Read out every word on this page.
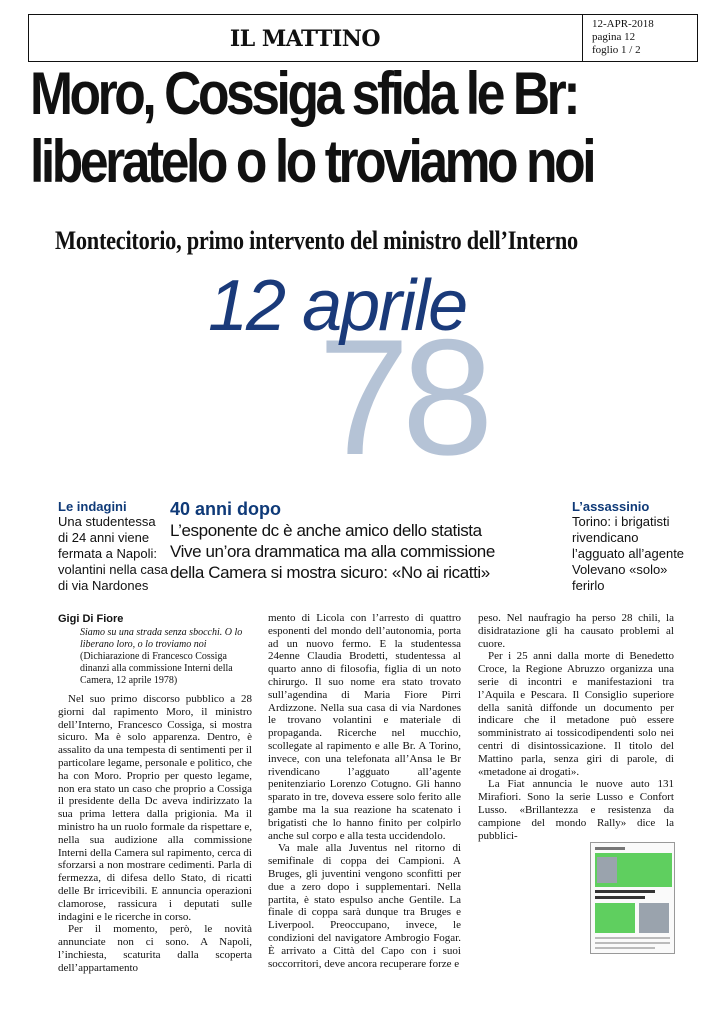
IL MATTINO
12-APR-2018
pagina 12
foglio 1 / 2
Moro, Cossiga sfida le Br:
liberatelo o lo troviamo noi
Montecitorio, primo intervento del ministro dell’Interno
12 aprile
78
Le indagini
Una studentessa di 24 anni viene fermata a Napoli: volantini nella casa di via Nardones
40 anni dopo
L’esponente dc è anche amico dello statista
Vive un’ora drammatica ma alla commissione
della Camera si mostra sicuro: «No ai ricatti»
L’assassinio
Torino: i brigatisti rivendicano l’agguato all’agente Volevano «solo» ferirlo
Gigi Di Fiore
Siamo su una strada senza sbocchi. O lo liberano loro, o lo troviamo noi
(Dichiarazione di Francesco Cossiga dinanzi alla commissione Interni della Camera, 12 aprile 1978)

Nel suo primo discorso pubblico a 28 giorni dal rapimento Moro, il ministro dell’Interno, Francesco Cossiga, si mostra sicuro. Ma è solo apparenza. Dentro, è assalito da una tempesta di sentimenti per il particolare legame, personale e politico, che ha con Moro. Proprio per questo legame, non era stato un caso che proprio a Cossiga il presidente della Dc aveva indirizzato la sua prima lettera dalla prigionia. Ma il ministro ha un ruolo formale da rispettare e, nella sua audizione alla commissione Interni della Camera sul rapimento, cerca di sforzarsi a non mostrare cedimenti. Parla di fermezza, di difesa dello Stato, di ricatti delle Br irricevibili. E annuncia operazioni clamorose, rassicura i deputati sulle indagini e le ricerche in corso.

Per il momento, però, le novità annunciate non ci sono. A Napoli, l’inchiesta, scaturita dalla scoperta dell’appartamento

mento di Licola con l’arresto di quattro esponenti del mondo dell’autonomia, porta ad un nuovo fermo. E la studentessa 24enne Claudia Brodetti, studentessa al quarto anno di filosofia, figlia di un noto chirurgo. Il suo nome era stato trovato sull’agendina di Maria Fiore Pirri Ardizzone. Nella sua casa di via Nardones le trovano volantini e materiale di propaganda. Ricerche nel mucchio, scollegate al rapimento e alle Br. A Torino, invece, con una telefonata all’Ansa le Br rivendicano l’agguato all’agente penitenziario Lorenzo Cotugno. Gli hanno sparato in tre, doveva essere solo ferito alle gambe ma la sua reazione ha scatenato i brigatisti che lo hanno finito per colpirlo anche sul corpo e alla testa uccidendolo.

Va male alla Juventus nel ritorno di semifinale di coppa dei Campioni. A Bruges, gli juventini vengono sconfitti per due a zero dopo i supplementari. Nella partita, è stato espulso anche Gentile. La finale di coppa sarà dunque tra Bruges e Liverpool. Preoccupano, invece, le condizioni del navigatore Ambrogio Fogar. È arrivato a Città del Capo con i suoi soccorritori, deve ancora recuperare forze e

peso. Nel naufragio ha perso 28 chili, la disidratazione gli ha causato problemi al cuore.

Per i 25 anni dalla morte di Benedetto Croce, la Regione Abruzzo organizza una serie di incontri e manifestazioni tra l’Aquila e Pescara. Il Consiglio superiore della sanità diffonde un documento per indicare che il metadone può essere somministrato ai tossicodipendenti solo nei centri di disintossicazione. Il titolo del Mattino parla, senza giri di parole, di «metadone ai drogati».

La Fiat annuncia le nuove auto 131 Mirafiori. Sono la serie Lusso e Confort Lusso. «Brillantezza e resistenza da campione del mondo Rally» dice la pubblici-
